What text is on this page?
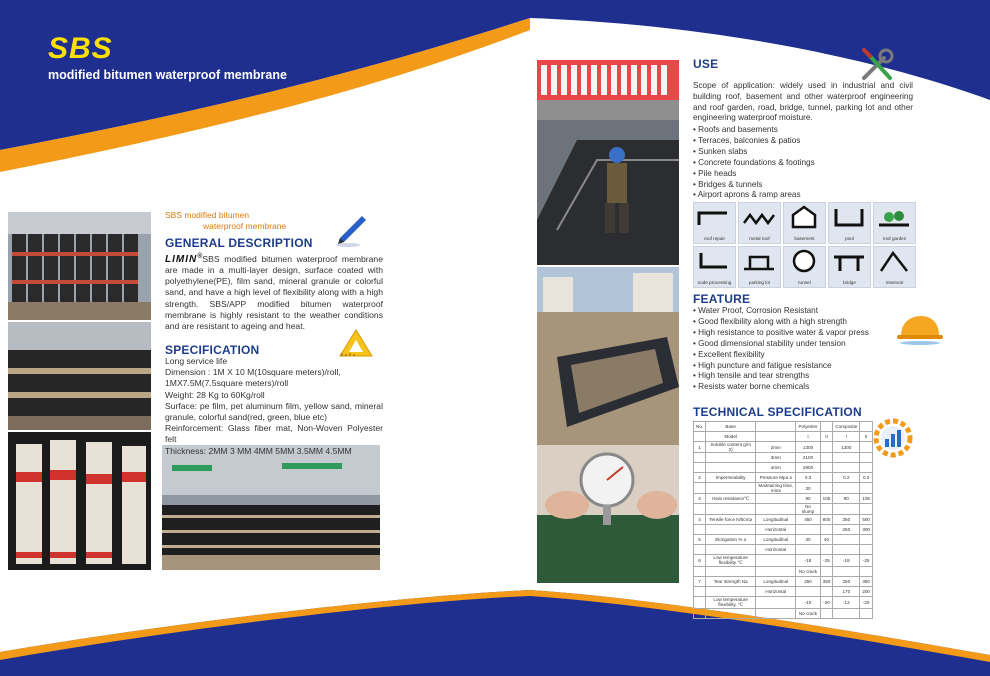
SBS
modified bitumen waterproof membrane
SBS modified bitumen
waterproof membrane
GENERAL DESCRIPTION
LIMIN®SBS modified bitumen waterproof membrane are made in a multi-layer design, surface coated with polyethylene(PE), film sand, mineral granule or colorful sand, and have a high level of flexibility along with a high strength. SBS/APP modified bitumen waterproof membrane is highly resistant to the weather conditions and are resistant to ageing and heat.
SPECIFICATION
Long service life
Dimension : 1M X 10 M(10square meters)/roll,
1MX7.5M(7.5square meters)/roll
Weight: 28 Kg to 60Kg/roll
Surface: pe film, pet aluminum film, yellow sand, mineral granule, colorful sand(red, green, blue etc)
Reinforcement: Glass fiber mat, Non-Woven Polyester felt
Thickness: 2MM 3 MM 4MM 5MM 3.5MM 4.5MM
USE
Scope of application: widely used in industrial and civil building roof, basement and other waterproof engineering and roof garden, road, bridge, tunnel, parking lot and other engineering waterproof moisture.
• Roofs and basements
• Terraces, balconies & patios
• Sunken slabs
• Concrete foundations & footings
• Pile heads
• Bridges & tunnels
• Airport aprons & ramp areas
roof repair	metal roof	basement	pool	roof garden
node processing	parking lot	tunnel	bridge	reservoir
FEATURE
• Water Proof, Corrosion Resistant
• Good flexibility along with a high strength
• High resistance to positive water & vapor press
• Good dimensional stability under tension
• Excellent flexibility
• High puncture and fatigue resistance
• High tensile and tear strengths
• Resists water borne chemicals
TECHNICAL SPECIFICATION
No.	Base		Polyester		Composite	
	Model		I	II	I	II
1	Soluble content g/m 2)	2mm	1300		1300	
		3mm	2100			
		4mm	2900			
2	Impermeability	Pressure Mpa ≥	0.3		0.2	0.3
		Maintaining time, min≥	30			
3	Heat resistance℃		90	105	90	105
			No slump			
4	Tensile force N/5cm≥	Longitudinal	450	800	350	500
		Horizontal			250	300
5	Elongation % ≥	Longitudinal	30	40		
		Horizontal				
6	Low temperature flexibility ℃		-18	-25	-18	-25
			No crack			
7	Tear strength N≥	Longitudinal	250	350	250	350
		Horizontal			170	200
	Low temperature flexibility, ℃		-10	-20	-12	-20
			No crack			
